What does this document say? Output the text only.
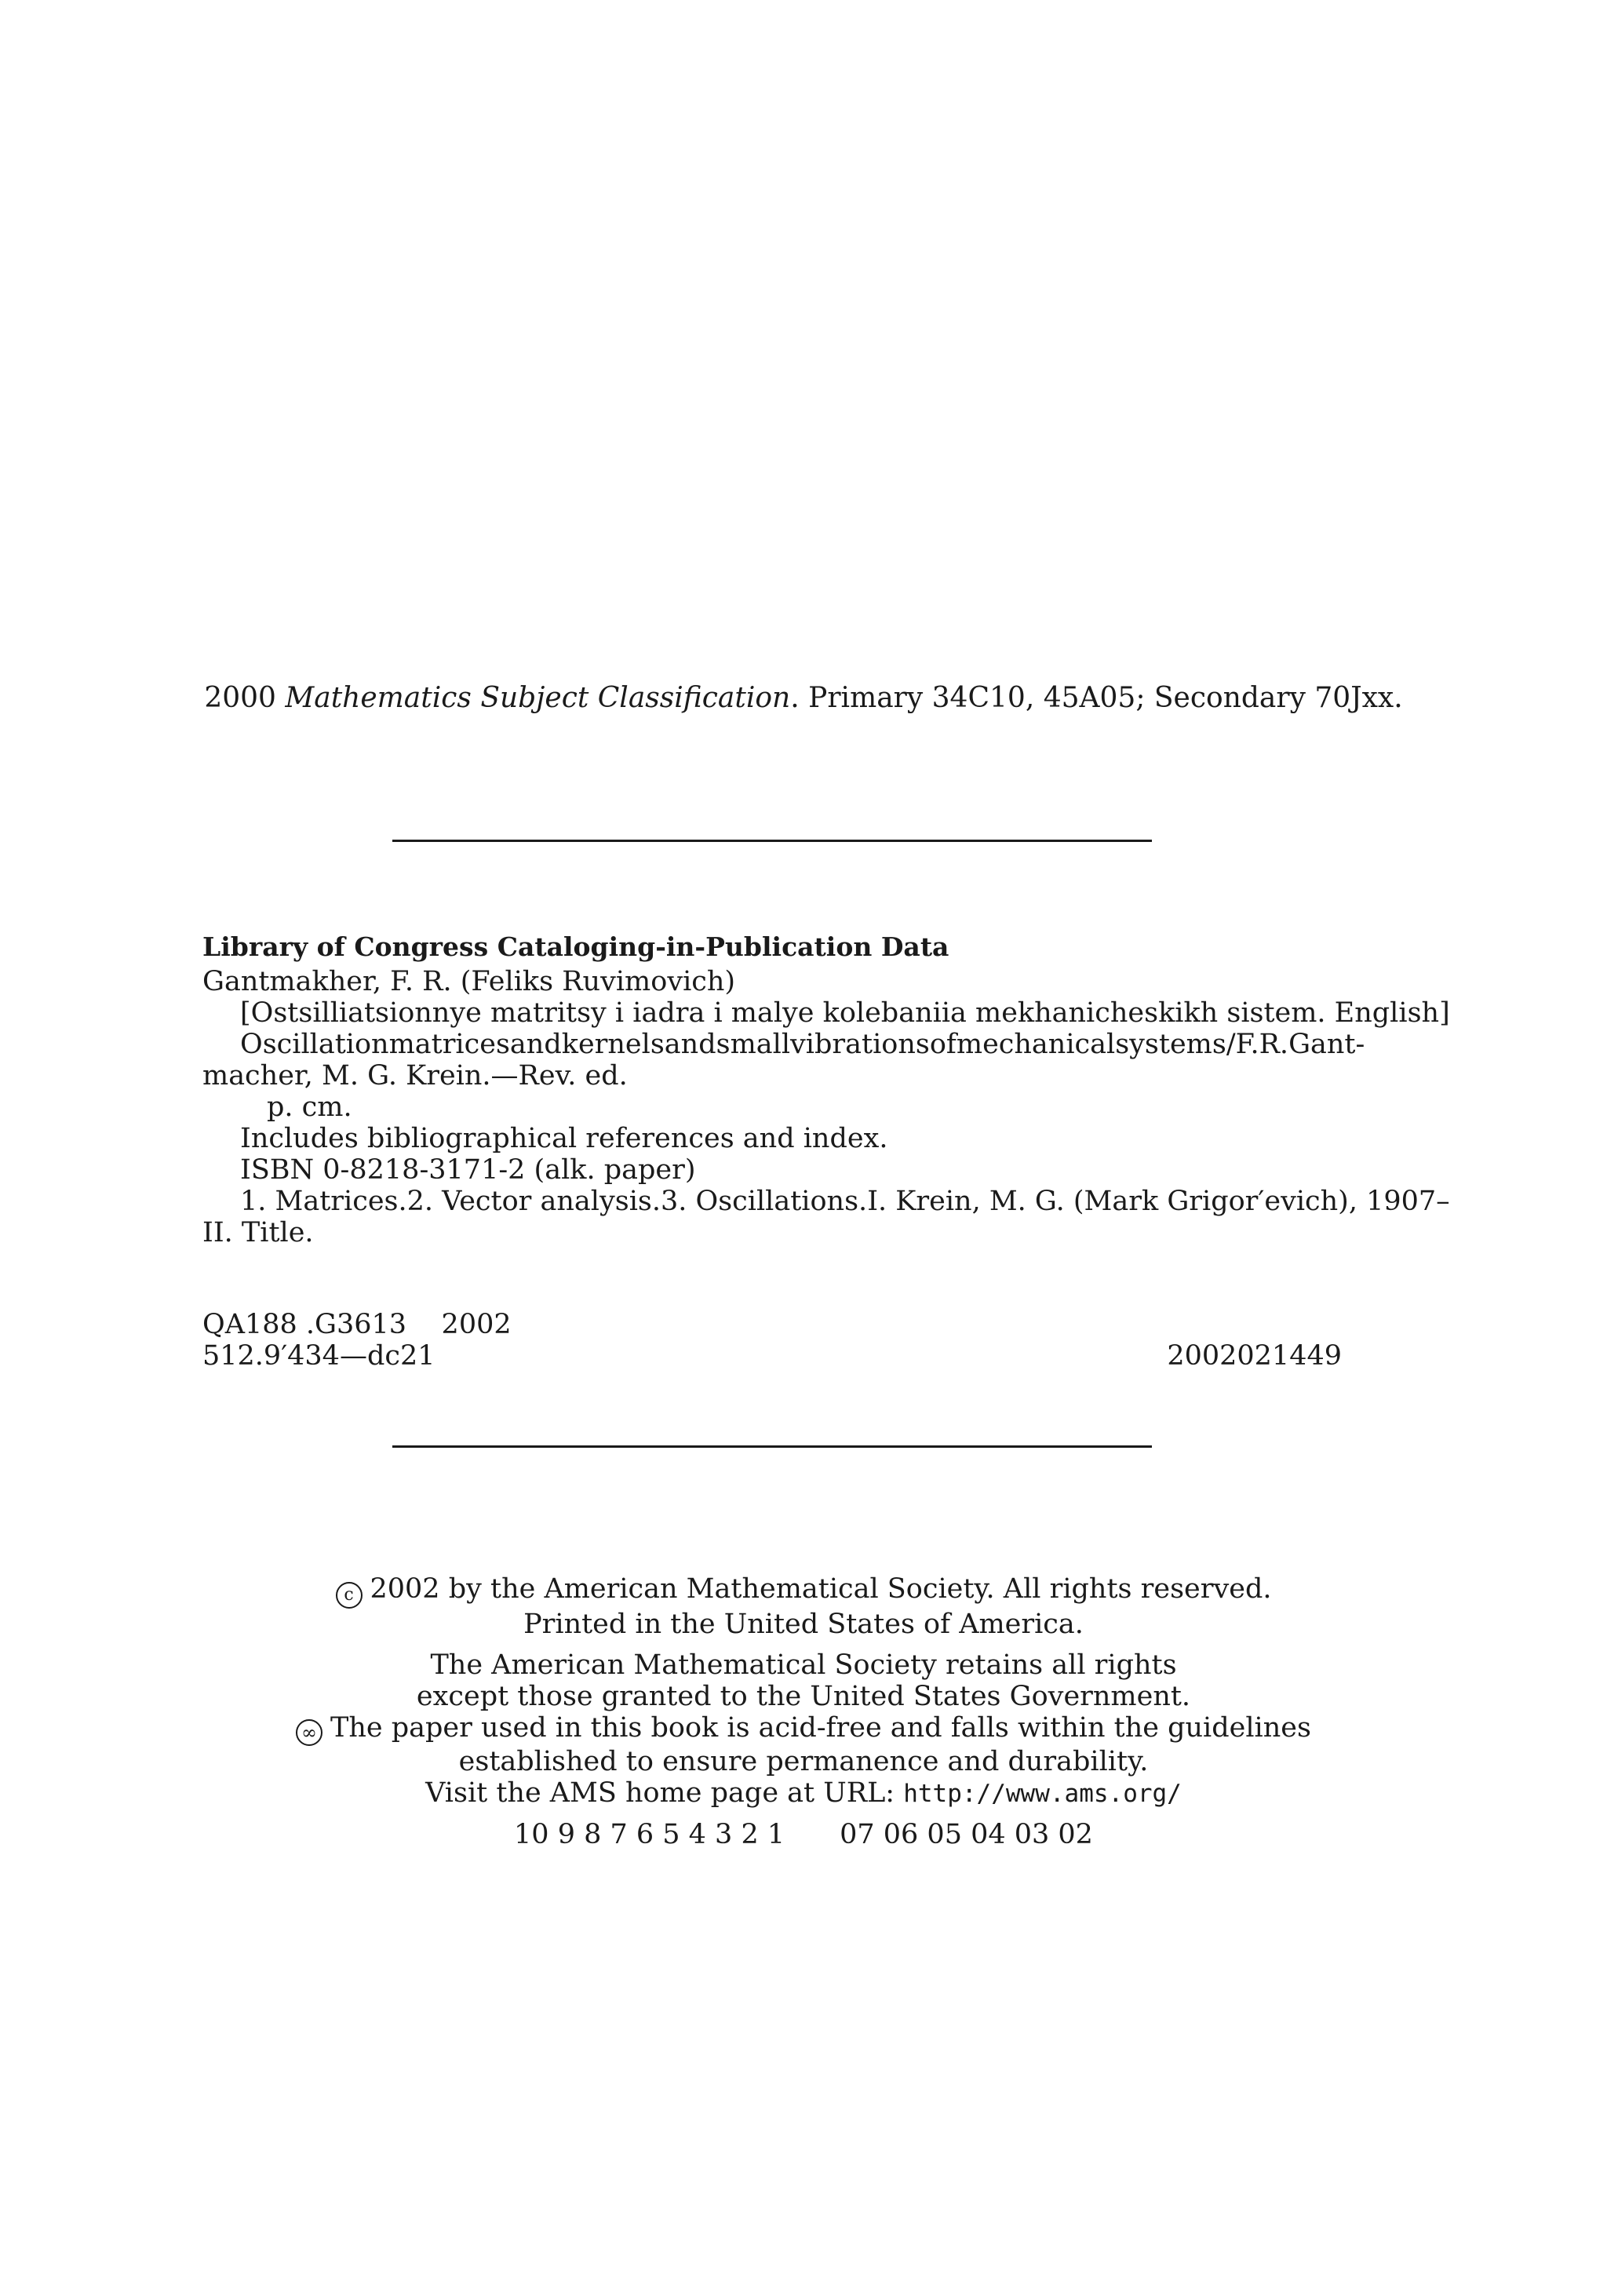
2000 Mathematics Subject Classification. Primary 34C10, 45A05; Secondary 70Jxx.
Library of Congress Cataloging-in-Publication Data
Gantmakher, F. R. (Feliks Ruvimovich)
[Ostsilliatsionnye matritsy i iadra i malye kolebaniia mekhanicheskikh sistem. English]
Oscillation matrices and kernels and small vibrations of mechanical systems / F. R. Gant-
macher, M. G. Krein.—Rev. ed.
p. cm.
Includes bibliographical references and index.
ISBN 0-8218-3171-2 (alk. paper)
1. Matrices. 2. Vector analysis. 3. Oscillations. I. Krein, M. G. (Mark Grigor′evich), 1907–
II. Title.
QA188 .G3613    2002
512.9′434—dc21	2002021449
c 2002 by the American Mathematical Society. All rights reserved.
Printed in the United States of America.
The American Mathematical Society retains all rights
except those granted to the United States Government.
∞ The paper used in this book is acid-free and falls within the guidelines
established to ensure permanence and durability.
Visit the AMS home page at URL: http://www.ams.org/
10 9 8 7 6 5 4 3 2 1 07 06 05 04 03 02
